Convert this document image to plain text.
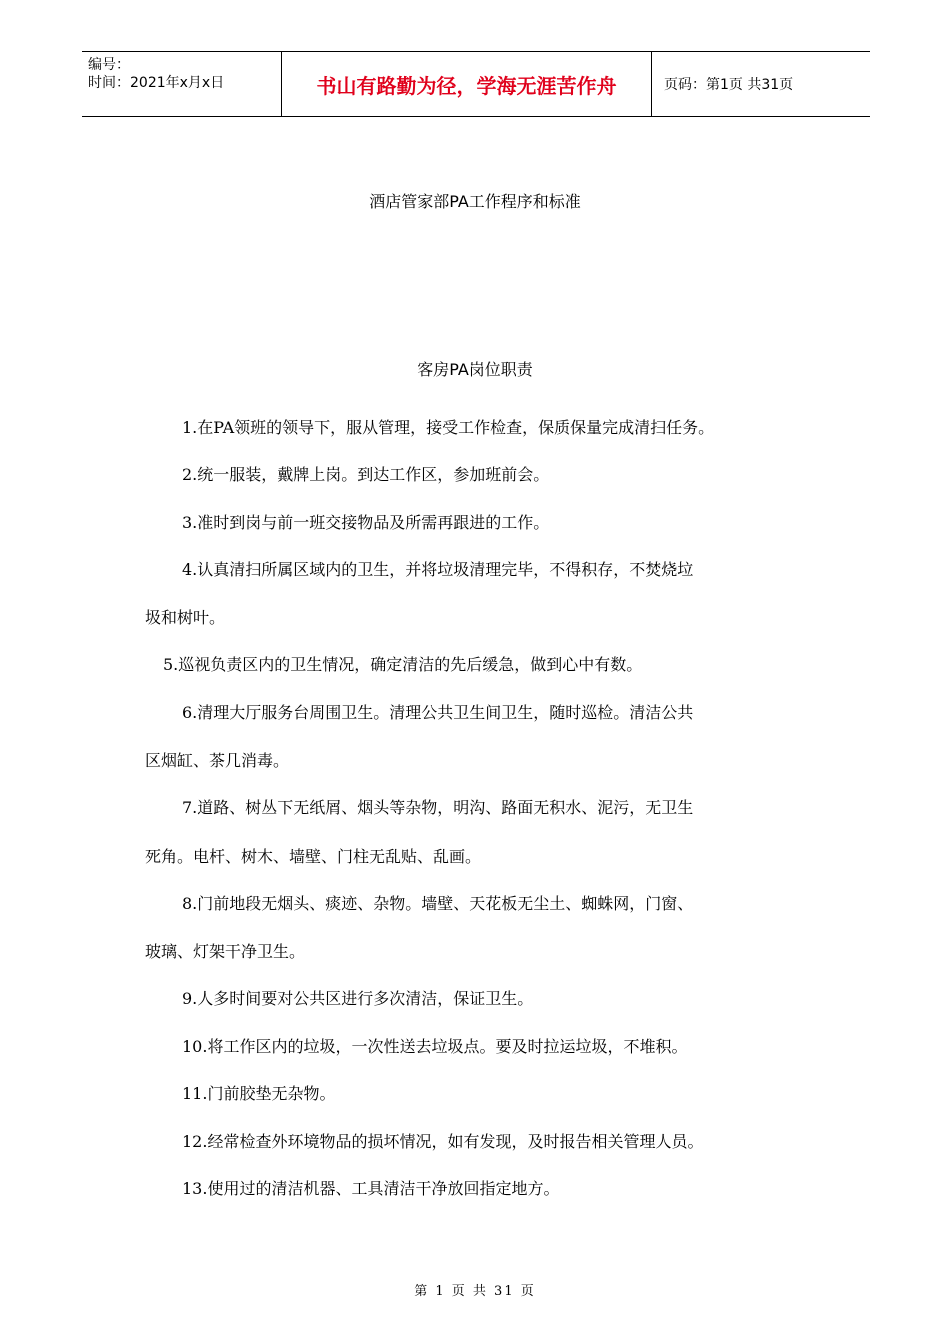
编号：
时间：2021年x月x日	书山有路勤为径，学海无涯苦作舟	页码：第1页 共31页
酒店管家部PA工作程序和标准
客房PA岗位职责
1.在PA领班的领导下，服从管理，接受工作检查，保质保量完成清扫任务。
2.统一服装，戴牌上岗。到达工作区，参加班前会。
3.准时到岗与前一班交接物品及所需再跟进的工作。
4.认真清扫所属区域内的卫生，并将垃圾清理完毕，不得积存，不焚烧垃
圾和树叶。
5.巡视负责区内的卫生情况，确定清洁的先后缓急，做到心中有数。
6.清理大厅服务台周围卫生。清理公共卫生间卫生，随时巡检。清洁公共
区烟缸、茶几消毒。
7.道路、树丛下无纸屑、烟头等杂物，明沟、路面无积水、泥污，无卫生
死角。电杆、树木、墙壁、门柱无乱贴、乱画。
8.门前地段无烟头、痰迹、杂物。墙壁、天花板无尘土、蜘蛛网，门窗、
玻璃、灯架干净卫生。
9.人多时间要对公共区进行多次清洁，保证卫生。
10.将工作区内的垃圾，一次性送去垃圾点。要及时拉运垃圾，不堆积。
11.门前胶垫无杂物。
12.经常检查外环境物品的损坏情况，如有发现，及时报告相关管理人员。
13.使用过的清洁机器、工具清洁干净放回指定地方。
第 1 页 共 31 页
